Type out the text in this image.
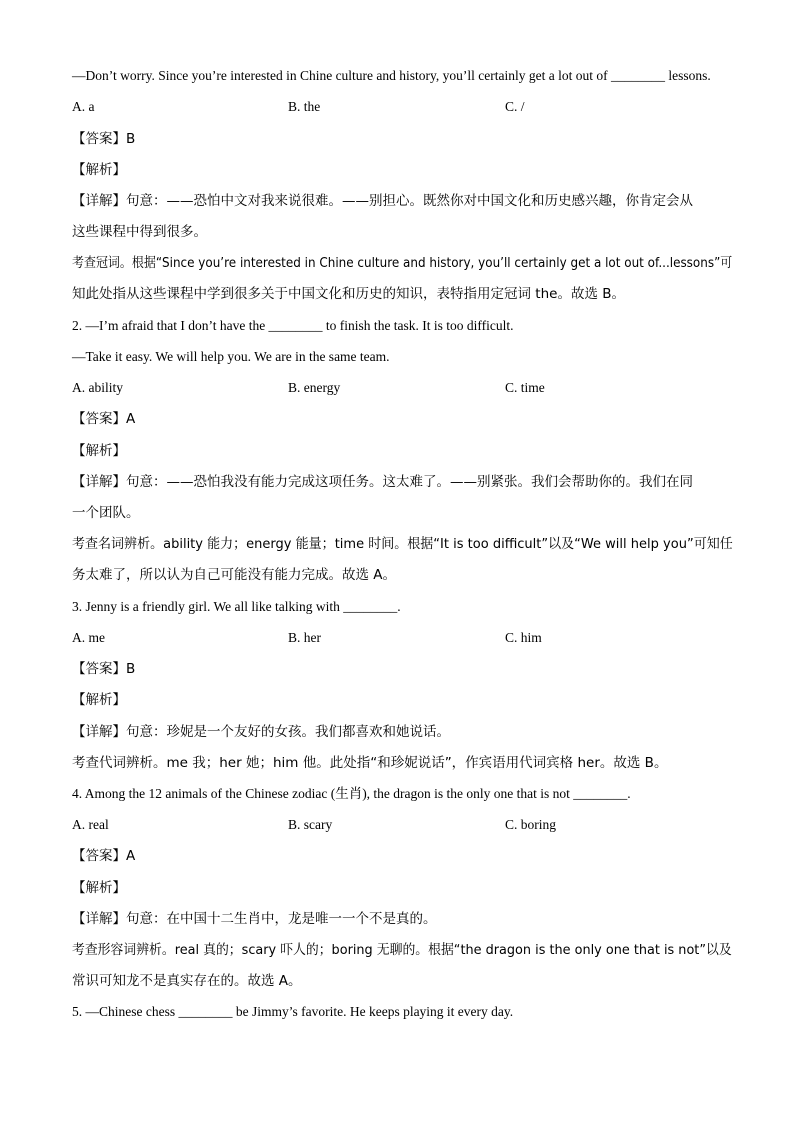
—Don’t worry. Since you’re interested in Chine culture and history, you’ll certainly get a lot out of ________ lessons.
A. a	B. the	C. /
【答案】B
【解析】
【详解】句意：——恐怕中文对我来说很难。——别担心。既然你对中国文化和历史感兴趣，你肯定会从
这些课程中得到很多。
考查冠词。根据“Since you’re interested in Chine culture and history, you’ll certainly get a lot out of...lessons”可
知此处指从这些课程中学到很多关于中国文化和历史的知识，表特指用定冠词 the。故选 B。
2. —I’m afraid that I don’t have the ________ to finish the task. It is too difficult.
—Take it easy. We will help you. We are in the same team.
A. ability	B. energy	C. time
【答案】A
【解析】
【详解】句意：——恐怕我没有能力完成这项任务。这太难了。——别紧张。我们会帮助你的。我们在同
一个团队。
考查名词辨析。ability 能力；energy 能量；time 时间。根据“It is too difficult”以及“We will help you”可知任
务太难了，所以认为自己可能没有能力完成。故选 A。
3. Jenny is a friendly girl. We all like talking with ________.
A. me	B. her	C. him
【答案】B
【解析】
【详解】句意：珍妮是一个友好的女孩。我们都喜欢和她说话。
考查代词辨析。me 我；her 她；him 他。此处指“和珍妮说话”，作宾语用代词宾格 her。故选 B。
4. Among the 12 animals of the Chinese zodiac (生肖), the dragon is the only one that is not ________.
A. real	B. scary	C. boring
【答案】A
【解析】
【详解】句意：在中国十二生肖中，龙是唯一一个不是真的。
考查形容词辨析。real 真的；scary 吓人的；boring 无聊的。根据“the dragon is the only one that is not”以及
常识可知龙不是真实存在的。故选 A。
5. —Chinese chess ________ be Jimmy’s favorite. He keeps playing it every day.
